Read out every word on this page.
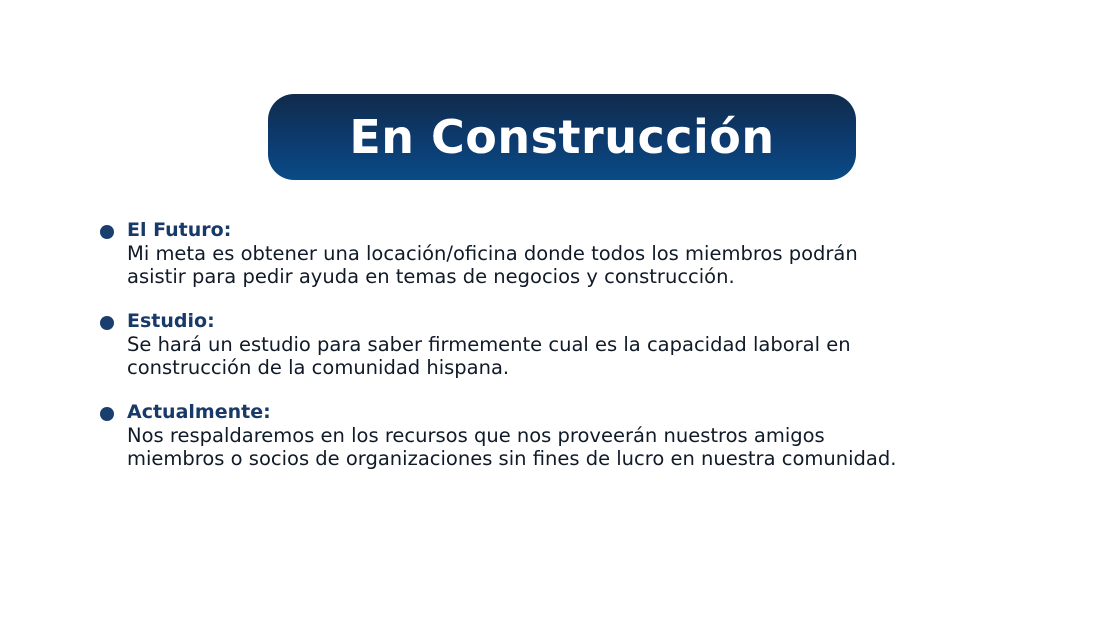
En Construcción
El Futuro:
Mi meta es obtener una locación/oficina donde todos los miembros podrán
asistir para pedir ayuda en temas de negocios y construcción.
Estudio:
Se hará un estudio para saber firmemente cual es la capacidad laboral en
construcción de la comunidad hispana.
Actualmente:
Nos respaldaremos en los recursos que nos proveerán nuestros amigos
miembros o socios de organizaciones sin fines de lucro en nuestra comunidad.
